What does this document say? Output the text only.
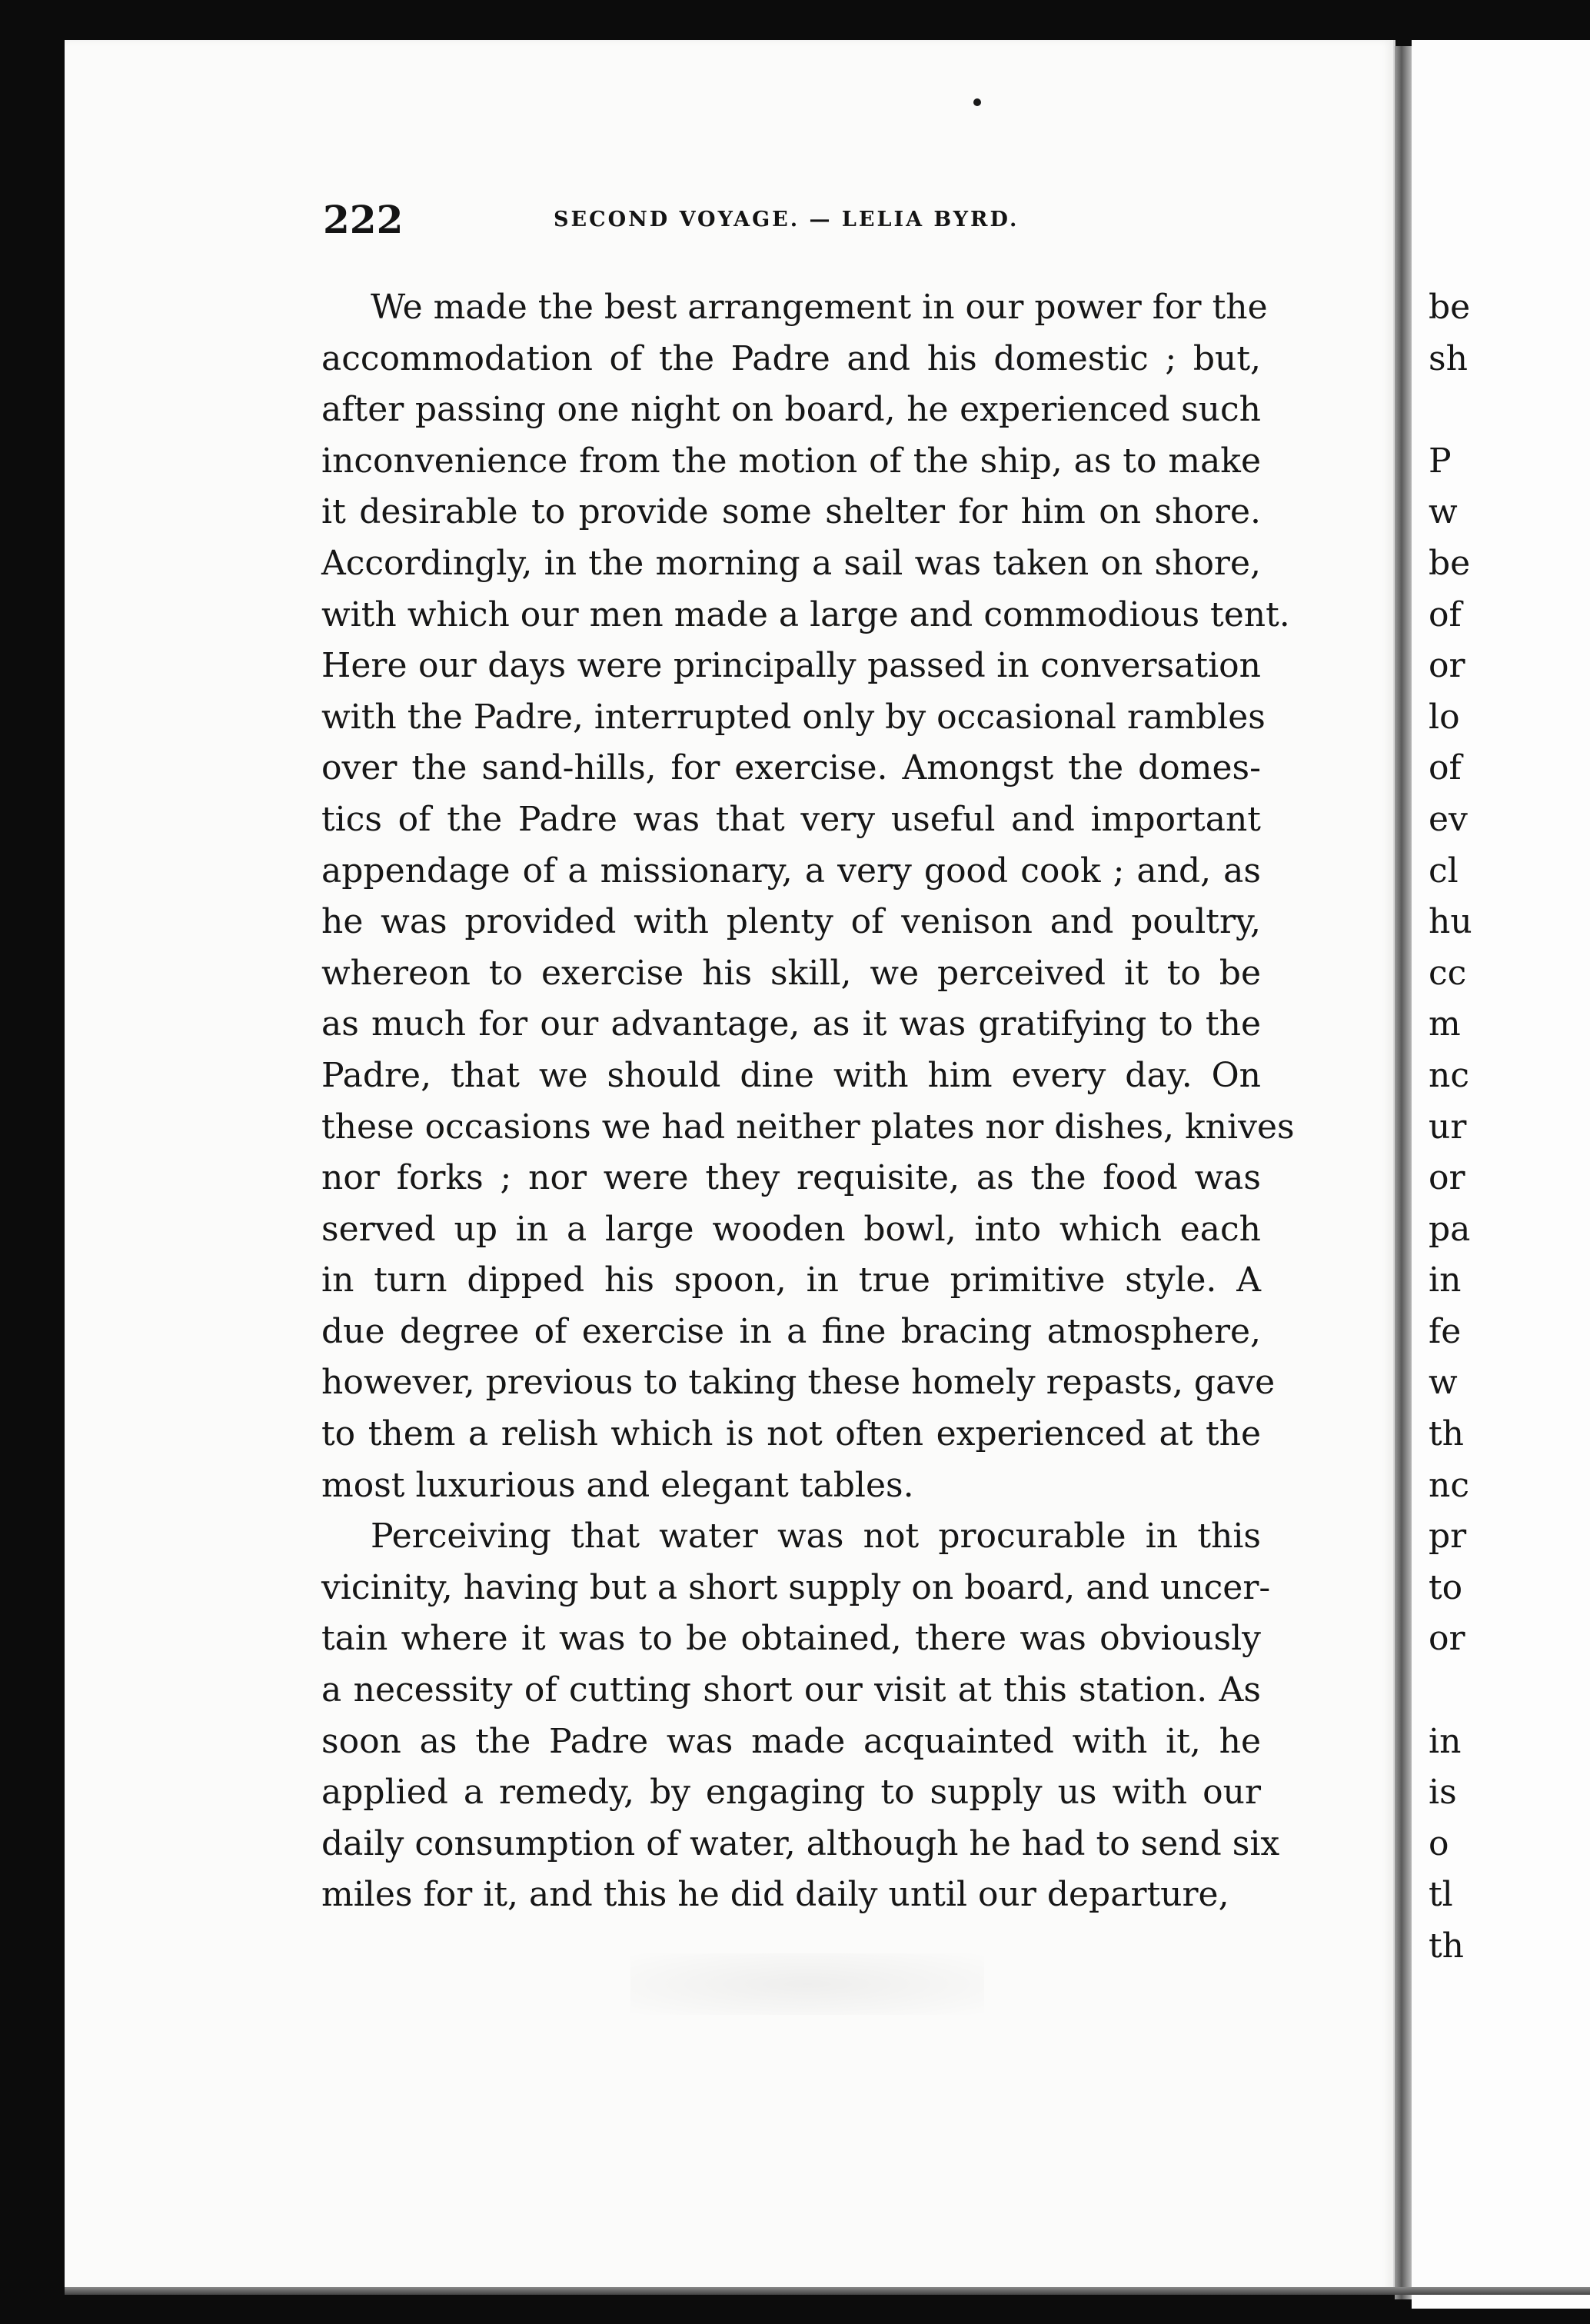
222	SECOND VOYAGE. — LELIA BYRD.
We made the best arrangement in our power for the
accommodation of the Padre and his domestic ; but,
after passing one night on board, he experienced such
inconvenience from the motion of the ship, as to make
it desirable to provide some shelter for him on shore.
Accordingly, in the morning a sail was taken on shore,
with which our men made a large and commodious tent.
Here our days were principally passed in conversation
with the Padre, interrupted only by occasional rambles
over the sand-hills, for exercise. Amongst the domes-
tics of the Padre was that very useful and important
appendage of a missionary, a very good cook ; and, as
he was provided with plenty of venison and poultry,
whereon to exercise his skill, we perceived it to be
as much for our advantage, as it was gratifying to the
Padre, that we should dine with him every day. On
these occasions we had neither plates nor dishes, knives
nor forks ; nor were they requisite, as the food was
served up in a large wooden bowl, into which each
in turn dipped his spoon, in true primitive style. A
due degree of exercise in a fine bracing atmosphere,
however, previous to taking these homely repasts, gave
to them a relish which is not often experienced at the
most luxurious and elegant tables.
Perceiving that water was not procurable in this
vicinity, having but a short supply on board, and uncer-
tain where it was to be obtained, there was obviously
a necessity of cutting short our visit at this station. As
soon as the Padre was made acquainted with it, he
applied a remedy, by engaging to supply us with our
daily consumption of water, although he had to send six
miles for it, and this he did daily until our departure,
be
sh
P
w
be
of
or
lo
of
ev
cl
hu
cc
m
nc
ur
or
pa
in
fe
w
th
nc
pr
to
or
in
is
o
tl
th
